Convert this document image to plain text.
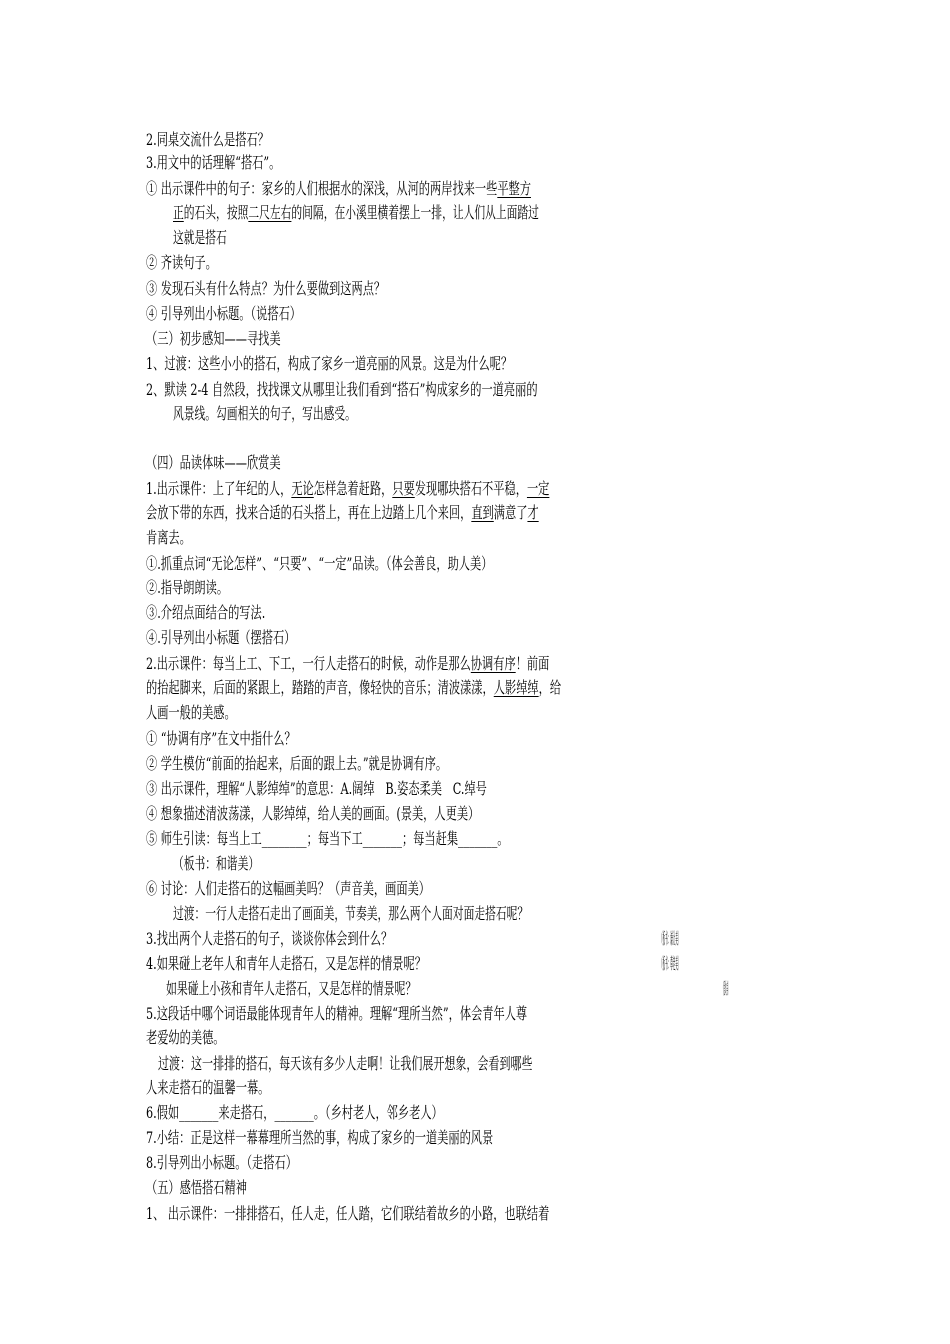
2.同桌交流什么是搭石？
3.用文中的话理解“搭石”。
① 出示课件中的句子：家乡的人们根据水的深浅，从河的两岸找来一些平整方
正的石头，按照二尺左右的间隔，在小溪里横着摆上一排，让人们从上面踏过
这就是搭石
② 齐读句子。
③ 发现石头有什么特点？为什么要做到这两点？
④ 引导列出小标题。（说搭石）
（三）初步感知——寻找美
1、过渡：这些小小的搭石，构成了家乡一道亮丽的风景。这是为什么呢？
2、默读 2-4 自然段，找找课文从哪里让我们看到“搭石”构成家乡的一道亮丽的
风景线。勾画相关的句子，写出感受。
（四）品读体味——欣赏美
1.出示课件：上了年纪的人，无论怎样急着赶路，只要发现哪块搭石不平稳，一定
会放下带的东西，找来合适的石头搭上，再在上边踏上几个来回，直到满意了才
肯离去。
①.抓重点词“无论怎样”、“只要”、“一定”品读。（体会善良，助人美）
②.指导朗朗读。
③.介绍点面结合的写法.
④.引导列出小标题（摆搭石）
2.出示课件：每当上工、下工，一行人走搭石的时候，动作是那么协调有序！前面
的抬起脚来，后面的紧跟上，踏踏的声音，像轻快的音乐；清波漾漾，人影绰绰，给
人画一般的美感。
① “协调有序”在文中指什么？
② 学生模仿“前面的抬起来，后面的跟上去。”就是协调有序。
③ 出示课件，理解“人影绰绰”的意思：A.阔绰   B.姿态柔美   C.绰号
④ 想象描述清波荡漾，人影绰绰，给人美的画面。(景美，人更美）
⑤ 师生引读：每当上工________；每当下工_______；每当赶集_______。
（板书：和谐美）
⑥ 讨论：人们走搭石的这幅画美吗？（声音美，画面美）
过渡：一行人走搭石走出了画面美，节奏美，那么两个人面对面走搭石呢？
3.找出两个人走搭石的句子，谈谈你体会到什么？	（板书：谦让美）
4.如果碰上老年人和青年人走搭石，又是怎样的情景呢？	（板书：尊老美）
如果碰上小孩和青年人走搭石，又是怎样的情景呢？	（爱幼美）
5.这段话中哪个词语最能体现青年人的精神。理解“理所当然”，体会青年人尊
老爱幼的美德。
过渡：这一排排的搭石，每天该有多少人走啊！让我们展开想象，会看到哪些
人来走搭石的温馨一幕。
6.假如_______来走搭石，_______。（乡村老人，邻乡老人）
7.小结：正是这样一幕幕理所当然的事，构成了家乡的一道美丽的风景
8.引导列出小标题。（走搭石）
（五）感悟搭石精神
1、 出示课件：一排排搭石，任人走，任人踏，它们联结着故乡的小路，也联结着
